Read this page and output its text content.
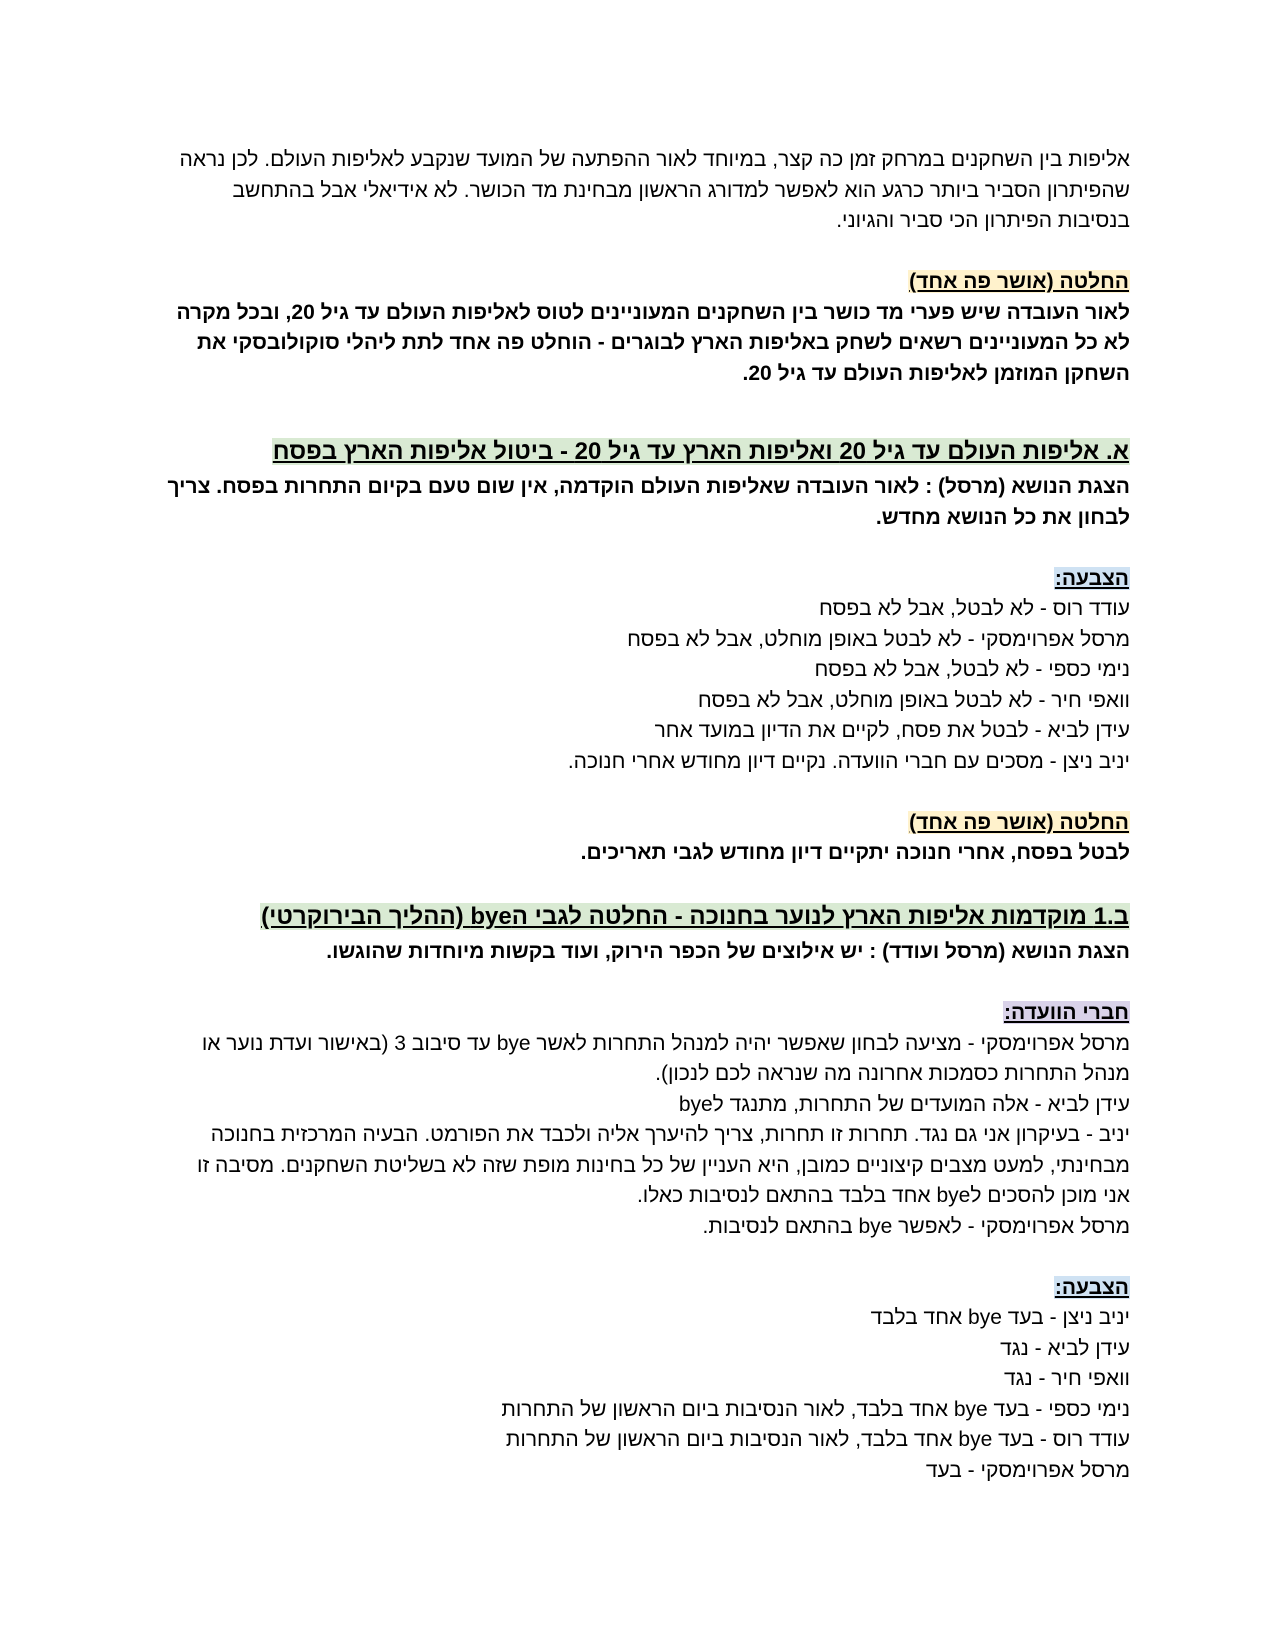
אליפות בין השחקנים במרחק זמן כה קצר, במיוחד לאור ההפתעה של המועד שנקבע לאליפות העולם. לכן נראה
שהפיתרון הסביר ביותר כרגע הוא לאפשר למדורג הראשון מבחינת מד הכושר. לא אידיאלי אבל בהתחשב
בנסיבות הפיתרון הכי סביר והגיוני.
החלטה (אושר פה אחד)
לאור העובדה שיש פערי מד כושר בין השחקנים המעוניינים לטוס לאליפות העולם עד גיל 20, ובכל מקרה
לא כל המעוניינים רשאים לשחק באליפות הארץ לבוגרים - הוחלט פה אחד לתת ליהלי סוקולובסקי את
השחקן המוזמן לאליפות העולם עד גיל 20.
א. אליפות העולם עד גיל 20 ואליפות הארץ עד גיל 20 - ביטול אליפות הארץ בפסח
הצגת הנושא (מרסל) : לאור העובדה שאליפות העולם הוקדמה, אין שום טעם בקיום התחרות בפסח. צריך
לבחון את כל הנושא מחדש.
הצבעה:
עודד רוס - לא לבטל, אבל לא בפסח
מרסל אפרוימסקי - לא לבטל באופן מוחלט, אבל לא בפסח
נימי כספי - לא לבטל, אבל לא בפסח
וואפי חיר - לא לבטל באופן מוחלט, אבל לא בפסח
עידן לביא - לבטל את פסח, לקיים את הדיון במועד אחר
יניב ניצן - מסכים עם חברי הוועדה. נקיים דיון מחודש אחרי חנוכה.
החלטה (אושר פה אחד)
לבטל בפסח, אחרי חנוכה יתקיים דיון מחודש לגבי תאריכים.
ב.1 מוקדמות אליפות הארץ לנוער בחנוכה - החלטה לגבי הbye (ההליך הבירוקרטי)
הצגת הנושא (מרסל ועודד) : יש אילוצים של הכפר הירוק, ועוד בקשות מיוחדות שהוגשו.
חברי הוועדה:
מרסל אפרוימסקי - מציעה לבחון שאפשר יהיה למנהל התחרות לאשר bye עד סיבוב 3 (באישור ועדת נוער או
מנהל התחרות כסמכות אחרונה מה שנראה לכם לנכון).
עידן לביא - אלה המועדים של התחרות, מתנגד לbye
יניב - בעיקרון אני גם נגד. תחרות זו תחרות, צריך להיערך אליה ולכבד את הפורמט. הבעיה המרכזית בחנוכה
מבחינתי, למעט מצבים קיצוניים כמובן, היא העניין של כל בחינות מופת שזה לא בשליטת השחקנים. מסיבה זו
אני מוכן להסכים לbye אחד בלבד בהתאם לנסיבות כאלו.
מרסל אפרוימסקי - לאפשר bye בהתאם לנסיבות.
הצבעה:
יניב ניצן - בעד bye אחד בלבד
עידן לביא - נגד
וואפי חיר - נגד
נימי כספי - בעד bye אחד בלבד, לאור הנסיבות ביום הראשון של התחרות
עודד רוס - בעד bye אחד בלבד, לאור הנסיבות ביום הראשון של התחרות
מרסל אפרוימסקי - בעד
